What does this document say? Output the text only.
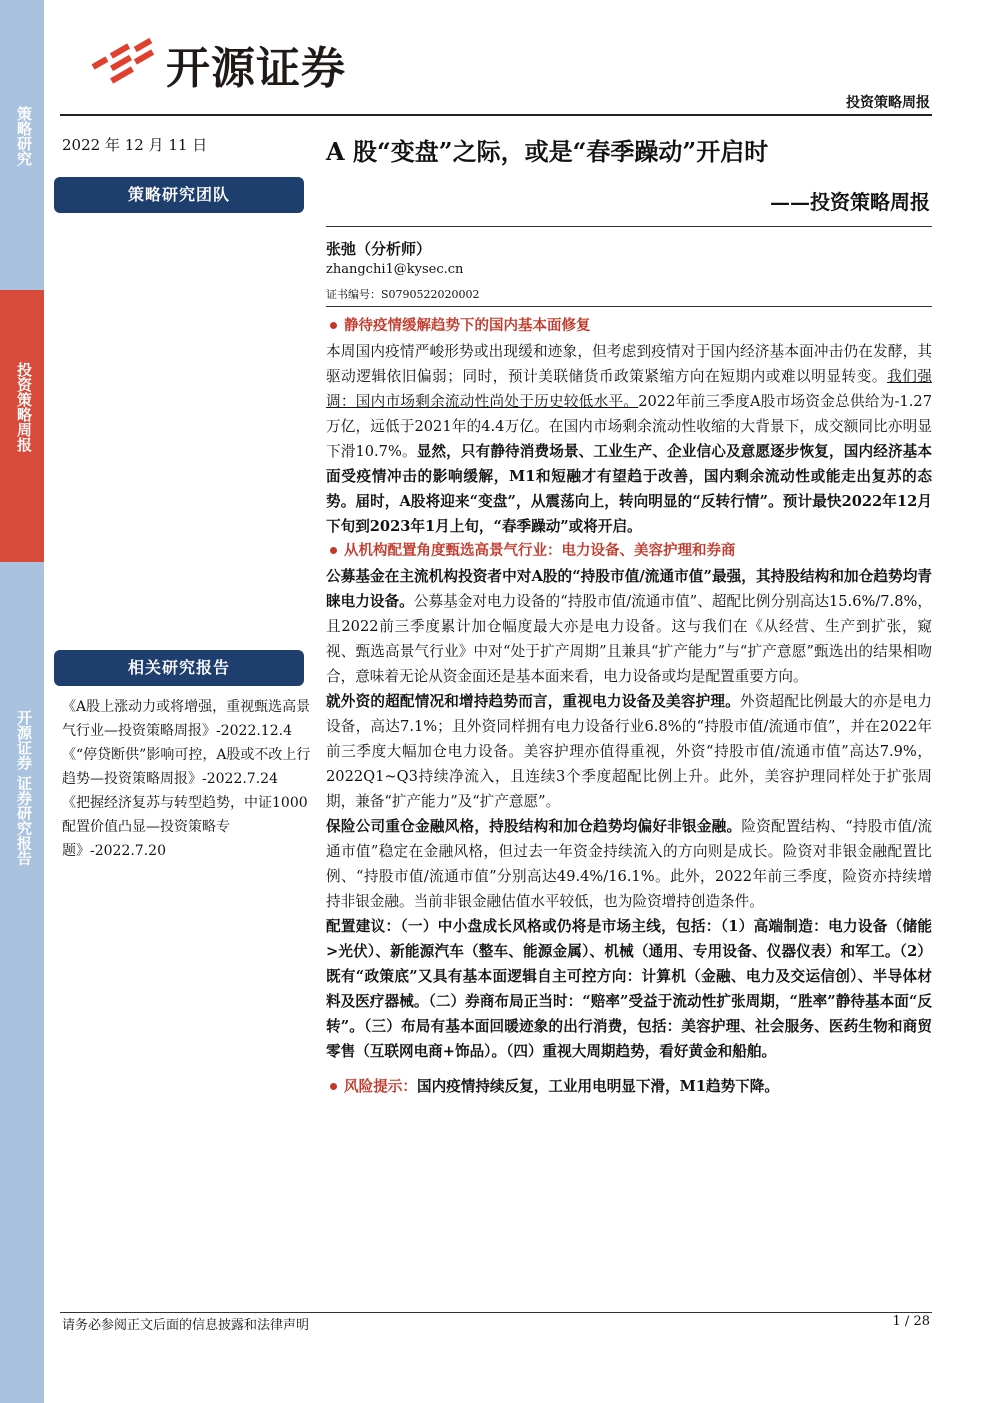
策略研究
投资策略周报
开源证券 证券研究报告
开源证券
投资策略周报
2022 年 12 月 11 日
策略研究团队
相关研究报告

《A股上涨动力或将增强，重视甄选高景气行业—投资策略周报》-2022.12.4

《“停贷断供”影响可控，A股或不改上行趋势—投资策略周报》-2022.7.24

《把握经济复苏与转型趋势，中证1000配置价值凸显—投资策略专题》-2022.7.20

A 股“变盘”之际，或是“春季躁动”开启时
——投资策略周报
张弛（分析师）
zhangchi1@kysec.cn
证书编号：S0790522020002

静待疫情缓解趋势下的国内基本面修复

本周国内疫情严峻形势或出现缓和迹象，但考虑到疫情对于国内经济基本面冲击仍在发酵，其驱动逻辑依旧偏弱；同时，预计美联储货币政策紧缩方向在短期内或难以明显转变。我们强调：国内市场剩余流动性尚处于历史较低水平。2022年前三季度A股市场资金总供给为-1.27万亿，远低于2021年的4.4万亿。在国内市场剩余流动性收缩的大背景下，成交额同比亦明显下滑10.7%。显然，只有静待消费场景、工业生产、企业信心及意愿逐步恢复，国内经济基本面受疫情冲击的影响缓解，M1和短融才有望趋于改善，国内剩余流动性或能走出复苏的态势。届时，A股将迎来“变盘”，从震荡向上，转向明显的“反转行情”。预计最快2022年12月下旬到2023年1月上旬，“春季躁动”或将开启。

从机构配置角度甄选高景气行业：电力设备、美容护理和券商

公募基金在主流机构投资者中对A股的“持股市值/流通市值”最强，其持股结构和加仓趋势均青睐电力设备。公募基金对电力设备的“持股市值/流通市值”、超配比例分别高达15.6%/7.8%，且2022前三季度累计加仓幅度最大亦是电力设备。这与我们在《从经营、生产到扩张，窥视、甄选高景气行业》中对“处于扩产周期”且兼具“扩产能力”与“扩产意愿”甄选出的结果相吻合，意味着无论从资金面还是基本面来看，电力设备或均是配置重要方向。

就外资的超配情况和增持趋势而言，重视电力设备及美容护理。外资超配比例最大的亦是电力设备，高达7.1%；且外资同样拥有电力设备行业6.8%的“持股市值/流通市值”，并在2022年前三季度大幅加仓电力设备。美容护理亦值得重视，外资“持股市值/流通市值”高达7.9%，2022Q1~Q3持续净流入，且连续3个季度超配比例上升。此外，美容护理同样处于扩张周期，兼备“扩产能力”及“扩产意愿”。

保险公司重仓金融风格，持股结构和加仓趋势均偏好非银金融。险资配置结构、“持股市值/流通市值”稳定在金融风格，但过去一年资金持续流入的方向则是成长。险资对非银金融配置比例、“持股市值/流通市值”分别高达49.4%/16.1%。此外，2022年前三季度，险资亦持续增持非银金融。当前非银金融估值水平较低，也为险资增持创造条件。

配置建议：（一）中小盘成长风格或仍将是市场主线，包括：（1）高端制造：电力设备（储能>光伏）、新能源汽车（整车、能源金属）、机械（通用、专用设备、仪器仪表）和军工。（2）既有“政策底”又具有基本面逻辑自主可控方向：计算机（金融、电力及交运信创）、半导体材料及医疗器械。（二）券商布局正当时：“赔率”受益于流动性扩张周期，“胜率”静待基本面“反转”。（三）布局有基本面回暖迹象的出行消费，包括：美容护理、社会服务、医药生物和商贸零售（互联网电商+饰品）。（四）重视大周期趋势，看好黄金和船舶。

风险提示：国内疫情持续反复，工业用电明显下滑，M1趋势下降。

请务必参阅正文后面的信息披露和法律声明	1 / 28
